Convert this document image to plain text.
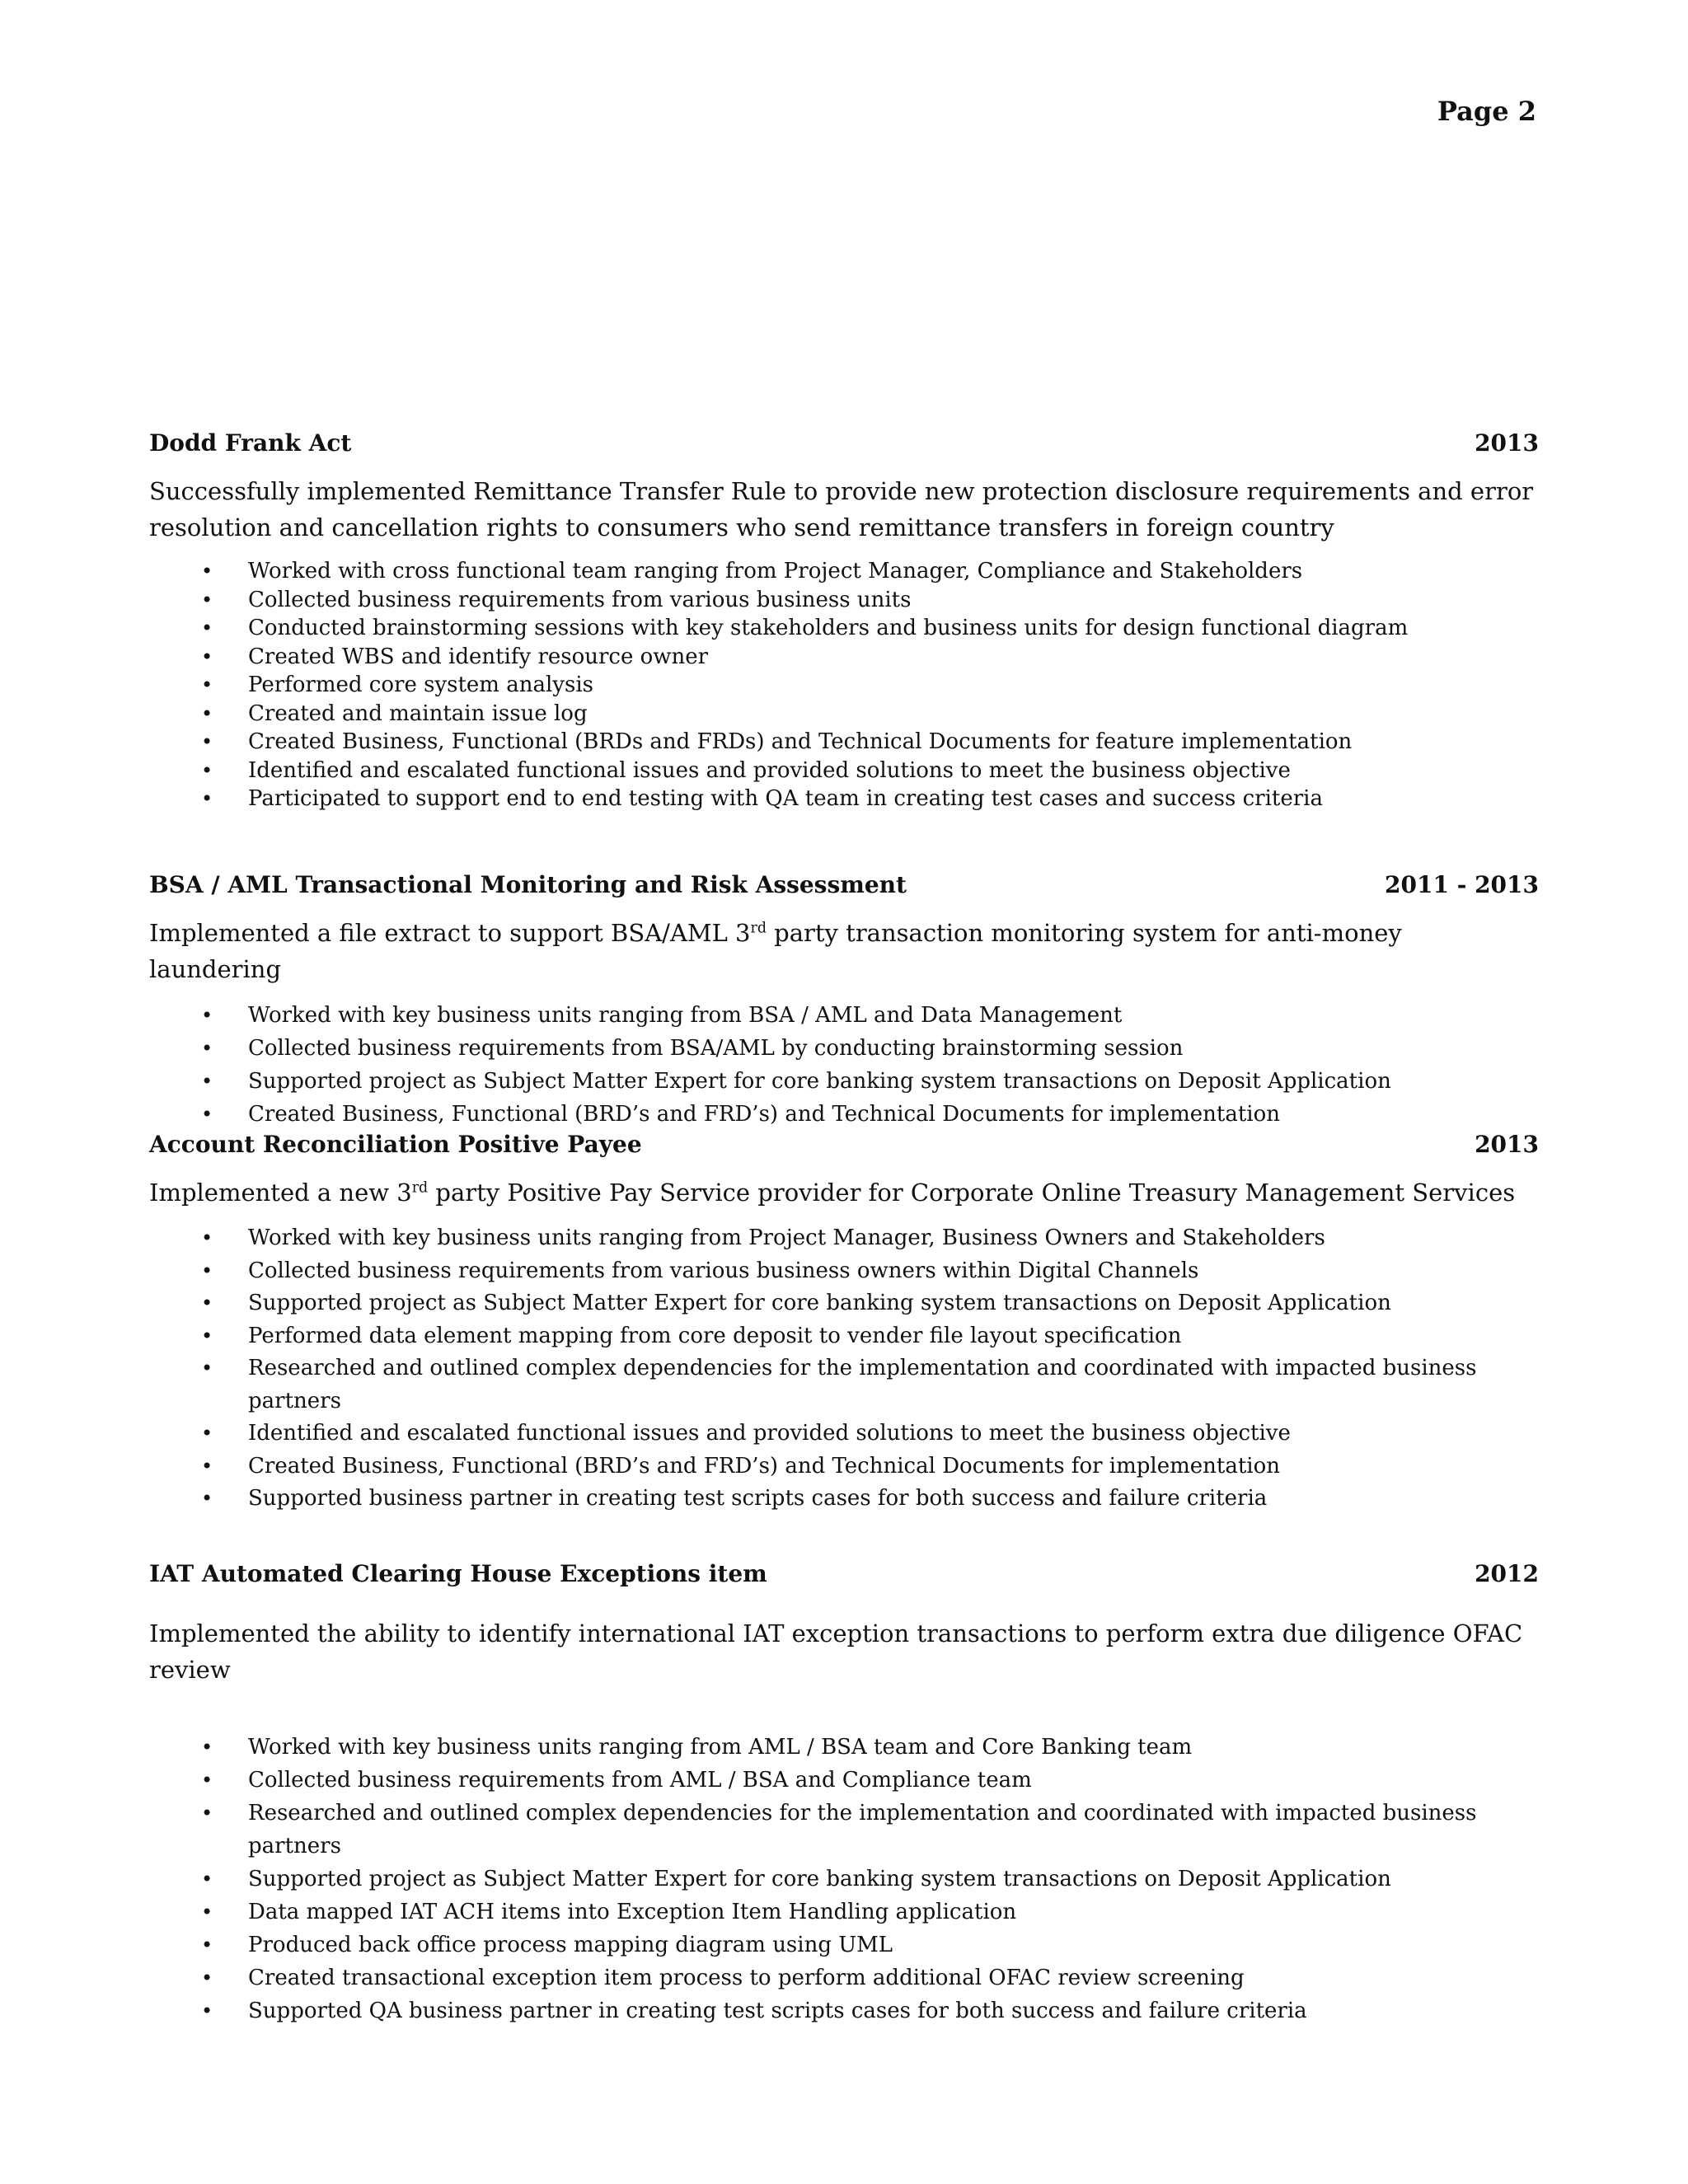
Page 2
Dodd Frank Act	2013
Successfully implemented Remittance Transfer Rule to provide new protection disclosure requirements and error resolution and cancellation rights to consumers who send remittance transfers in foreign country
• Worked with cross functional team ranging from Project Manager, Compliance and Stakeholders
• Collected business requirements from various business units
• Conducted brainstorming sessions with key stakeholders and business units for design functional diagram
• Created WBS and identify resource owner
• Performed core system analysis
• Created and maintain issue log
• Created Business, Functional (BRDs and FRDs) and Technical Documents for feature implementation
• Identified and escalated functional issues and provided solutions to meet the business objective
• Participated to support end to end testing with QA team in creating test cases and success criteria
BSA / AML Transactional Monitoring and Risk Assessment	2011 - 2013
Implemented a file extract to support BSA/AML 3rd party transaction monitoring system for anti-money laundering
• Worked with key business units ranging from BSA / AML and Data Management
• Collected business requirements from BSA/AML by conducting brainstorming session
• Supported project as Subject Matter Expert for core banking system transactions on Deposit Application
• Created Business, Functional (BRD’s and FRD’s) and Technical Documents for implementation
Account Reconciliation Positive Payee	2013
Implemented a new 3rd party Positive Pay Service provider for Corporate Online Treasury Management Services
• Worked with key business units ranging from Project Manager, Business Owners and Stakeholders
• Collected business requirements from various business owners within Digital Channels
• Supported project as Subject Matter Expert for core banking system transactions on Deposit Application
• Performed data element mapping from core deposit to vender file layout specification
• Researched and outlined complex dependencies for the implementation and coordinated with impacted business partners
• Identified and escalated functional issues and provided solutions to meet the business objective
• Created Business, Functional (BRD’s and FRD’s) and Technical Documents for implementation
• Supported business partner in creating test scripts cases for both success and failure criteria
IAT Automated Clearing House Exceptions item	2012
Implemented the ability to identify international IAT exception transactions to perform extra due diligence OFAC review
• Worked with key business units ranging from AML / BSA team and Core Banking team
• Collected business requirements from AML / BSA and Compliance team
• Researched and outlined complex dependencies for the implementation and coordinated with impacted business partners
• Supported project as Subject Matter Expert for core banking system transactions on Deposit Application
• Data mapped IAT ACH items into Exception Item Handling application
• Produced back office process mapping diagram using UML
• Created transactional exception item process to perform additional OFAC review screening
• Supported QA business partner in creating test scripts cases for both success and failure criteria
